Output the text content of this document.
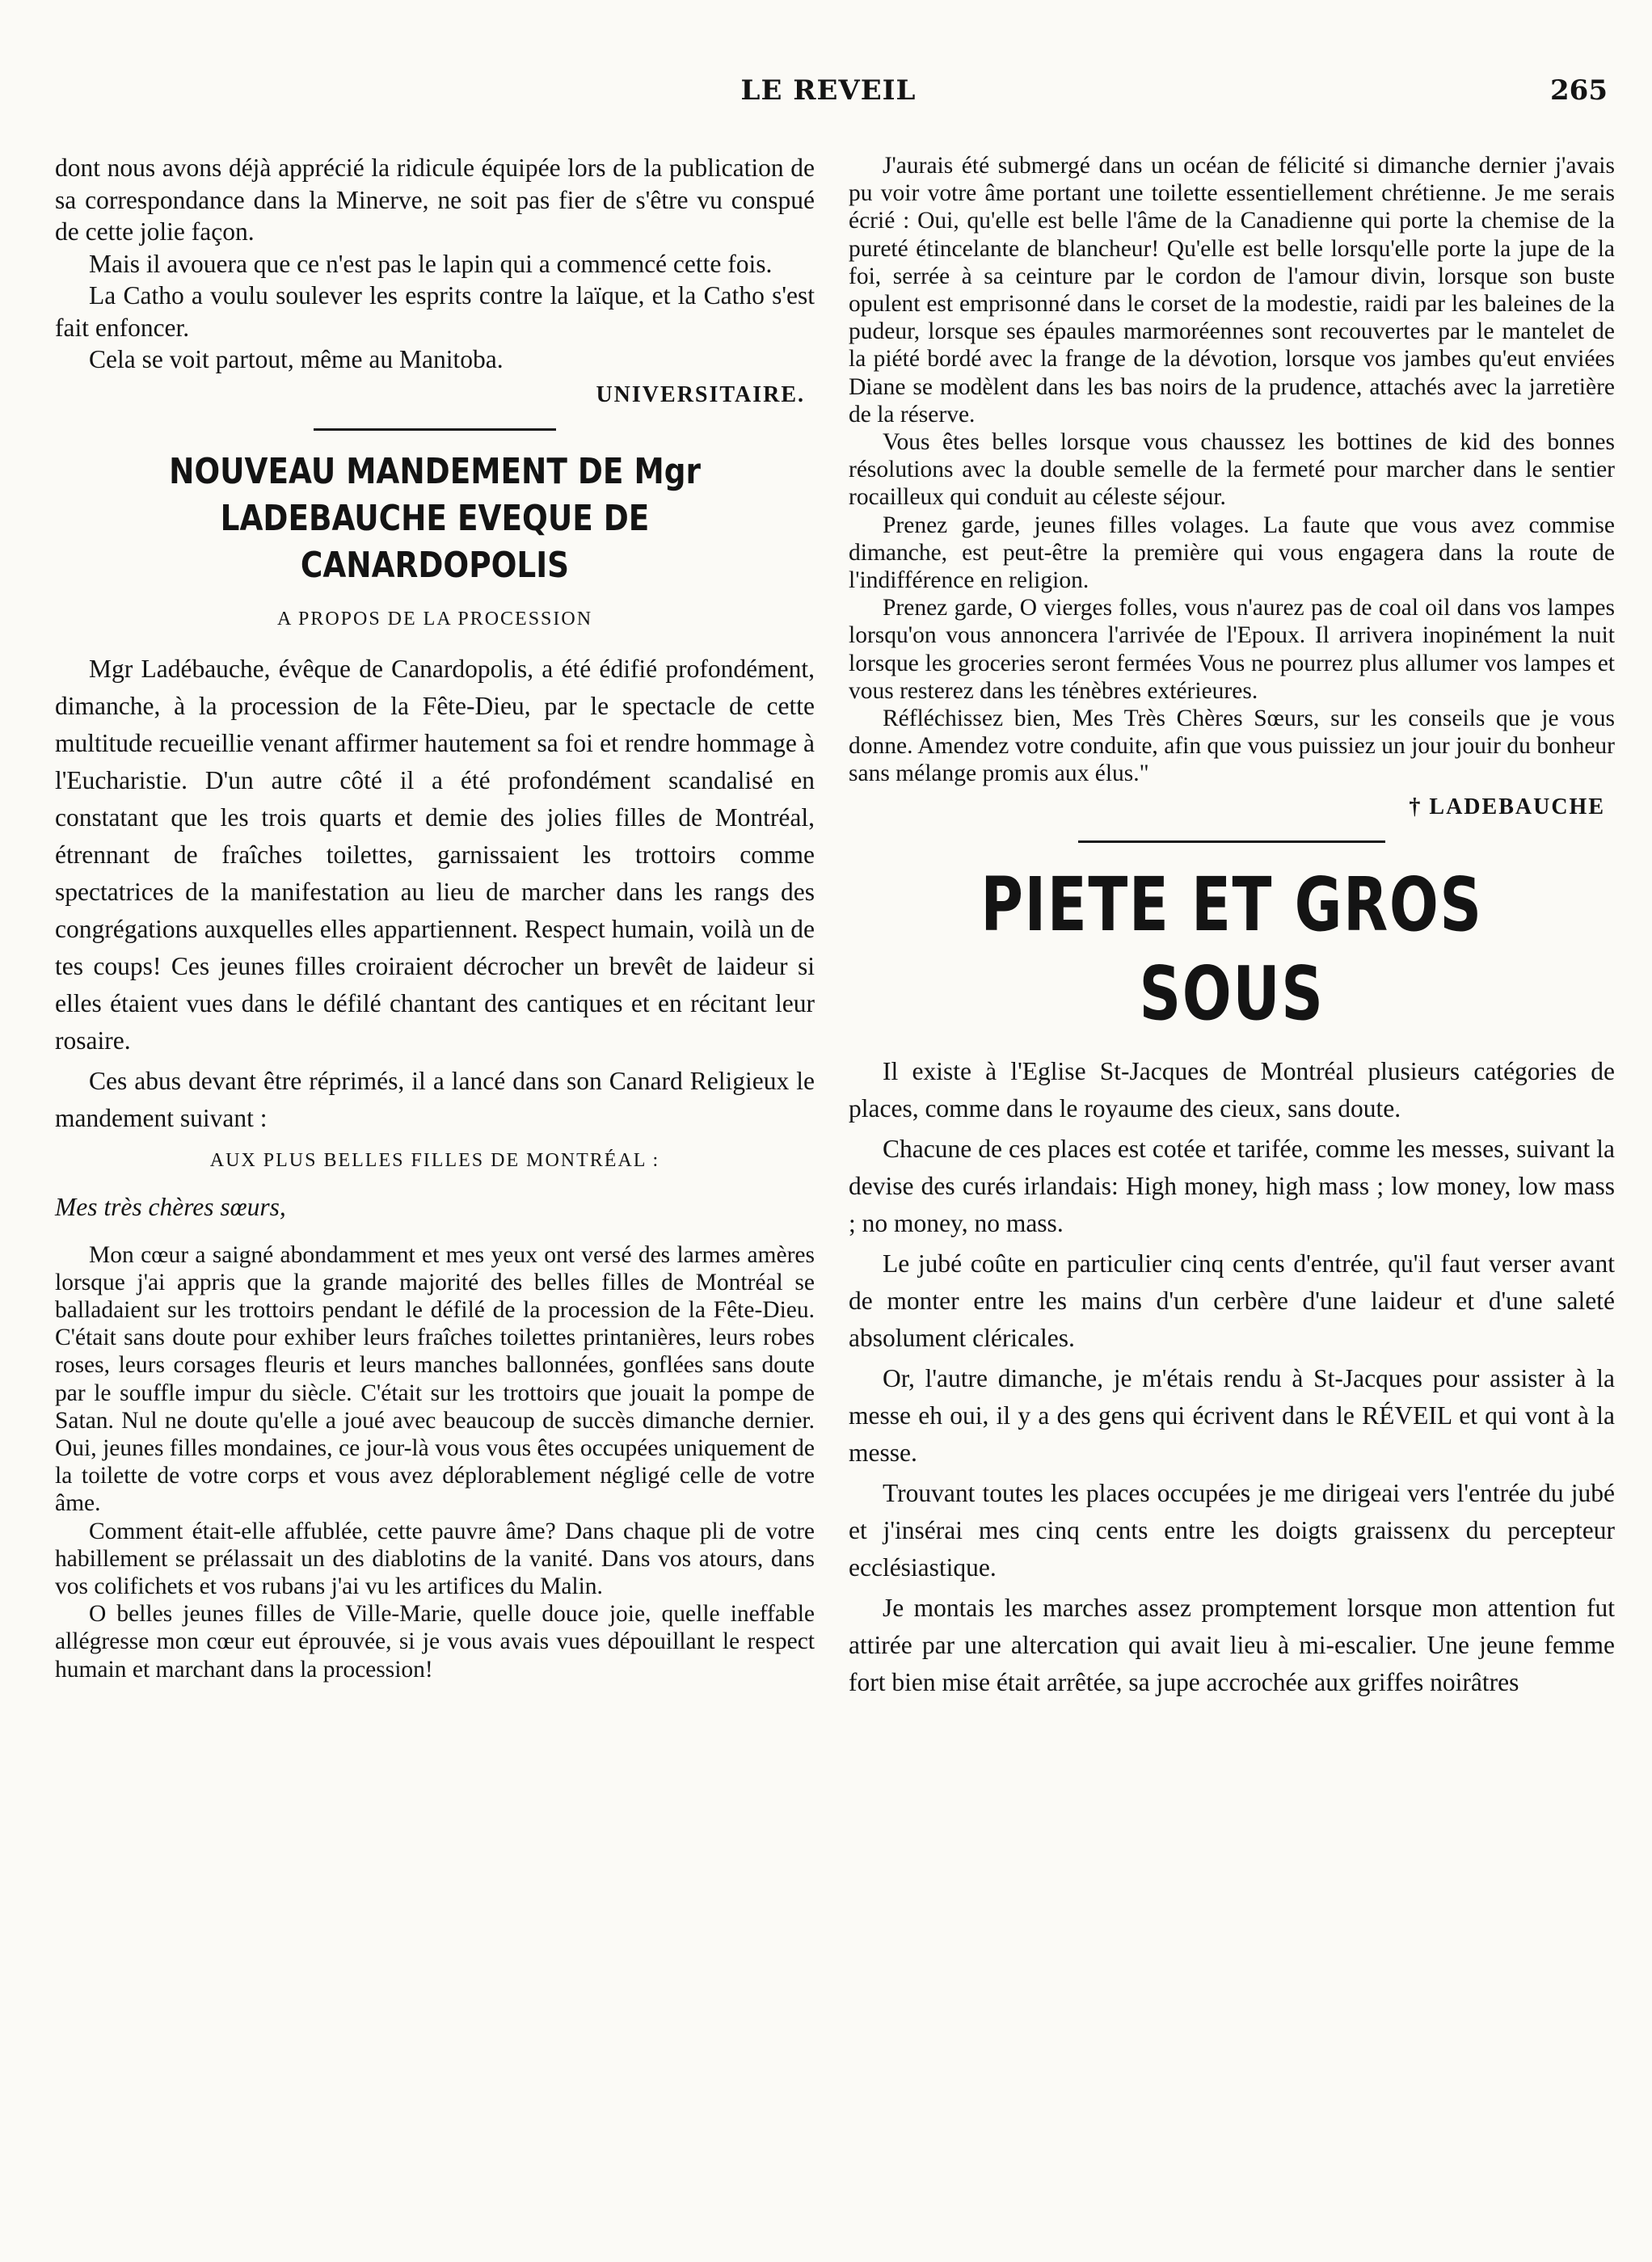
LE REVEIL	265

dont nous avons déjà apprécié la ridicule équipée lors de la publication de sa correspondance dans la Minerve, ne soit pas fier de s'être vu conspué de cette jolie façon.

Mais il avouera que ce n'est pas le lapin qui a commencé cette fois.

La Catho a voulu soulever les esprits contre la laïque, et la Catho s'est fait enfoncer.

Cela se voit partout, même au Manitoba.

UNIVERSITAIRE.
NOUVEAU MANDEMENT DE Mgr LADEBAUCHE EVEQUE DE CANARDOPOLIS
A PROPOS DE LA PROCESSION

Mgr Ladébauche, évêque de Canardopolis, a été édifié profondément, dimanche, à la procession de la Fête-Dieu, par le spectacle de cette multitude recueillie venant affirmer hautement sa foi et rendre hommage à l'Eucharistie. D'un autre côté il a été profondément scandalisé en constatant que les trois quarts et demie des jolies filles de Montréal, étrennant de fraîches toilettes, garnissaient les trottoirs comme spectatrices de la manifestation au lieu de marcher dans les rangs des congrégations auxquelles elles appartiennent. Respect humain, voilà un de tes coups! Ces jeunes filles croiraient décrocher un brevêt de laideur si elles étaient vues dans le défilé chantant des cantiques et en récitant leur rosaire.

Ces abus devant être réprimés, il a lancé dans son Canard Religieux le mandement suivant :

AUX PLUS BELLES FILLES DE MONTRÉAL :
Mes très chères sœurs,

Mon cœur a saigné abondamment et mes yeux ont versé des larmes amères lorsque j'ai appris que la grande majorité des belles filles de Montréal se balladaient sur les trottoirs pendant le défilé de la procession de la Fête-Dieu. C'était sans doute pour exhiber leurs fraîches toilettes printanières, leurs robes roses, leurs corsages fleuris et leurs manches ballonnées, gonflées sans doute par le souffle impur du siècle. C'était sur les trottoirs que jouait la pompe de Satan. Nul ne doute qu'elle a joué avec beaucoup de succès dimanche dernier. Oui, jeunes filles mondaines, ce jour-là vous vous êtes occupées uniquement de la toilette de votre corps et vous avez déplorablement négligé celle de votre âme.

Comment était-elle affublée, cette pauvre âme? Dans chaque pli de votre habillement se prélassait un des diablotins de la vanité. Dans vos atours, dans vos colifichets et vos rubans j'ai vu les artifices du Malin.

O belles jeunes filles de Ville-Marie, quelle douce joie, quelle ineffable allégresse mon cœur eut éprouvée, si je vous avais vues dépouillant le respect humain et marchant dans la procession!

J'aurais été submergé dans un océan de félicité si dimanche dernier j'avais pu voir votre âme portant une toilette essentiellement chrétienne. Je me serais écrié : Oui, qu'elle est belle l'âme de la Canadienne qui porte la chemise de la pureté étincelante de blancheur! Qu'elle est belle lorsqu'elle porte la jupe de la foi, serrée à sa ceinture par le cordon de l'amour divin, lorsque son buste opulent est emprisonné dans le corset de la modestie, raidi par les baleines de la pudeur, lorsque ses épaules marmoréennes sont recouvertes par le mantelet de la piété bordé avec la frange de la dévotion, lorsque vos jambes qu'eut enviées Diane se modèlent dans les bas noirs de la prudence, attachés avec la jarretière de la réserve.

Vous êtes belles lorsque vous chaussez les bottines de kid des bonnes résolutions avec la double semelle de la fermeté pour marcher dans le sentier rocailleux qui conduit au céleste séjour.

Prenez garde, jeunes filles volages. La faute que vous avez commise dimanche, est peut-être la première qui vous engagera dans la route de l'indifférence en religion.

Prenez garde, O vierges folles, vous n'aurez pas de coal oil dans vos lampes lorsqu'on vous annoncera l'arrivée de l'Epoux. Il arrivera inopinément la nuit lorsque les groceries seront fermées Vous ne pourrez plus allumer vos lampes et vous resterez dans les ténèbres extérieures.

Réfléchissez bien, Mes Très Chères Sœurs, sur les conseils que je vous donne. Amendez votre conduite, afin que vous puissiez un jour jouir du bonheur sans mélange promis aux élus."

† LADEBAUCHE
PIETE ET GROS SOUS

Il existe à l'Eglise St-Jacques de Montréal plusieurs catégories de places, comme dans le royaume des cieux, sans doute.

Chacune de ces places est cotée et tarifée, comme les messes, suivant la devise des curés irlandais: High money, high mass ; low money, low mass ; no money, no mass.

Le jubé coûte en particulier cinq cents d'entrée, qu'il faut verser avant de monter entre les mains d'un cerbère d'une laideur et d'une saleté absolument cléricales.

Or, l'autre dimanche, je m'étais rendu à St-Jacques pour assister à la messe eh oui, il y a des gens qui écrivent dans le RÉVEIL et qui vont à la messe.

Trouvant toutes les places occupées je me dirigeai vers l'entrée du jubé et j'insérai mes cinq cents entre les doigts graissenx du percepteur ecclésiastique.

Je montais les marches assez promptement lorsque mon attention fut attirée par une altercation qui avait lieu à mi-escalier. Une jeune femme fort bien mise était arrêtée, sa jupe accrochée aux griffes noirâtres
